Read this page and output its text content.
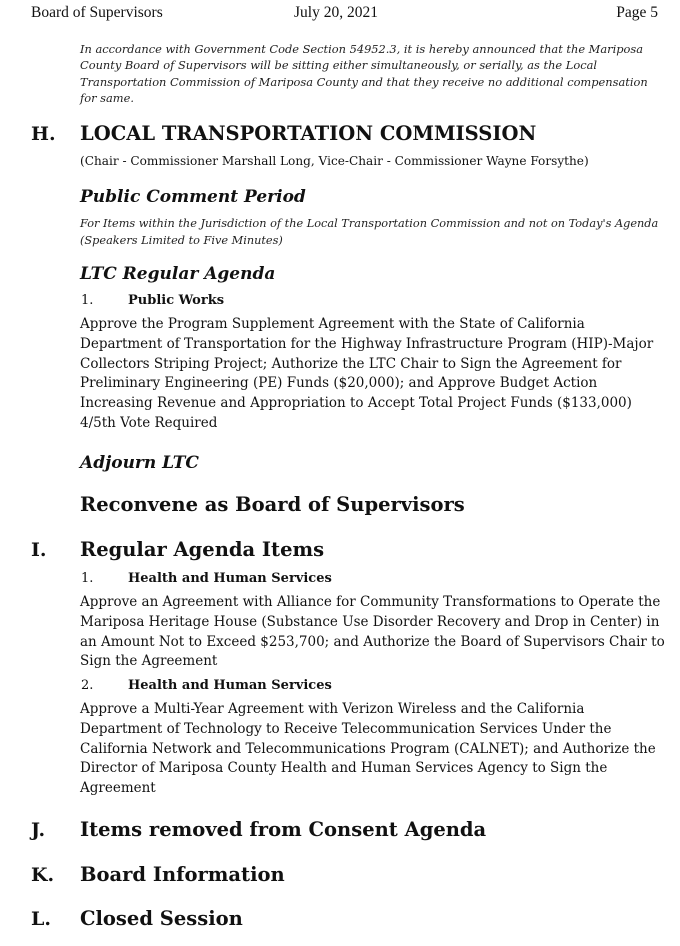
Board of Supervisors	July 20, 2021	Page 5
In accordance with Government Code Section 54952.3, it is hereby announced that the Mariposa County Board of Supervisors will be sitting either simultaneously, or serially, as the Local Transportation Commission of Mariposa County and that they receive no additional compensation for same.
H. LOCAL TRANSPORTATION COMMISSION
(Chair - Commissioner Marshall Long, Vice-Chair - Commissioner Wayne Forsythe)
Public Comment Period
For Items within the Jurisdiction of the Local Transportation Commission and not on Today's Agenda (Speakers Limited to Five Minutes)
LTC Regular Agenda
1.	Public Works
Approve the Program Supplement Agreement with the State of California Department of Transportation for the Highway Infrastructure Program (HIP)-Major Collectors Striping Project; Authorize the LTC Chair to Sign the Agreement for Preliminary Engineering (PE) Funds ($20,000); and Approve Budget Action Increasing Revenue and Appropriation to Accept Total Project Funds ($133,000) 4/5th Vote Required
Adjourn LTC
Reconvene as Board of Supervisors
I. Regular Agenda Items
1.	Health and Human Services
Approve an Agreement with Alliance for Community Transformations to Operate the Mariposa Heritage House (Substance Use Disorder Recovery and Drop in Center) in an Amount Not to Exceed $253,700; and Authorize the Board of Supervisors Chair to Sign the Agreement
2.	Health and Human Services
Approve a Multi-Year Agreement with Verizon Wireless and the California Department of Technology to Receive Telecommunication Services Under the California Network and Telecommunications Program (CALNET); and Authorize the Director of Mariposa County Health and Human Services Agency to Sign the Agreement
J. Items removed from Consent Agenda
K. Board Information
L. Closed Session
